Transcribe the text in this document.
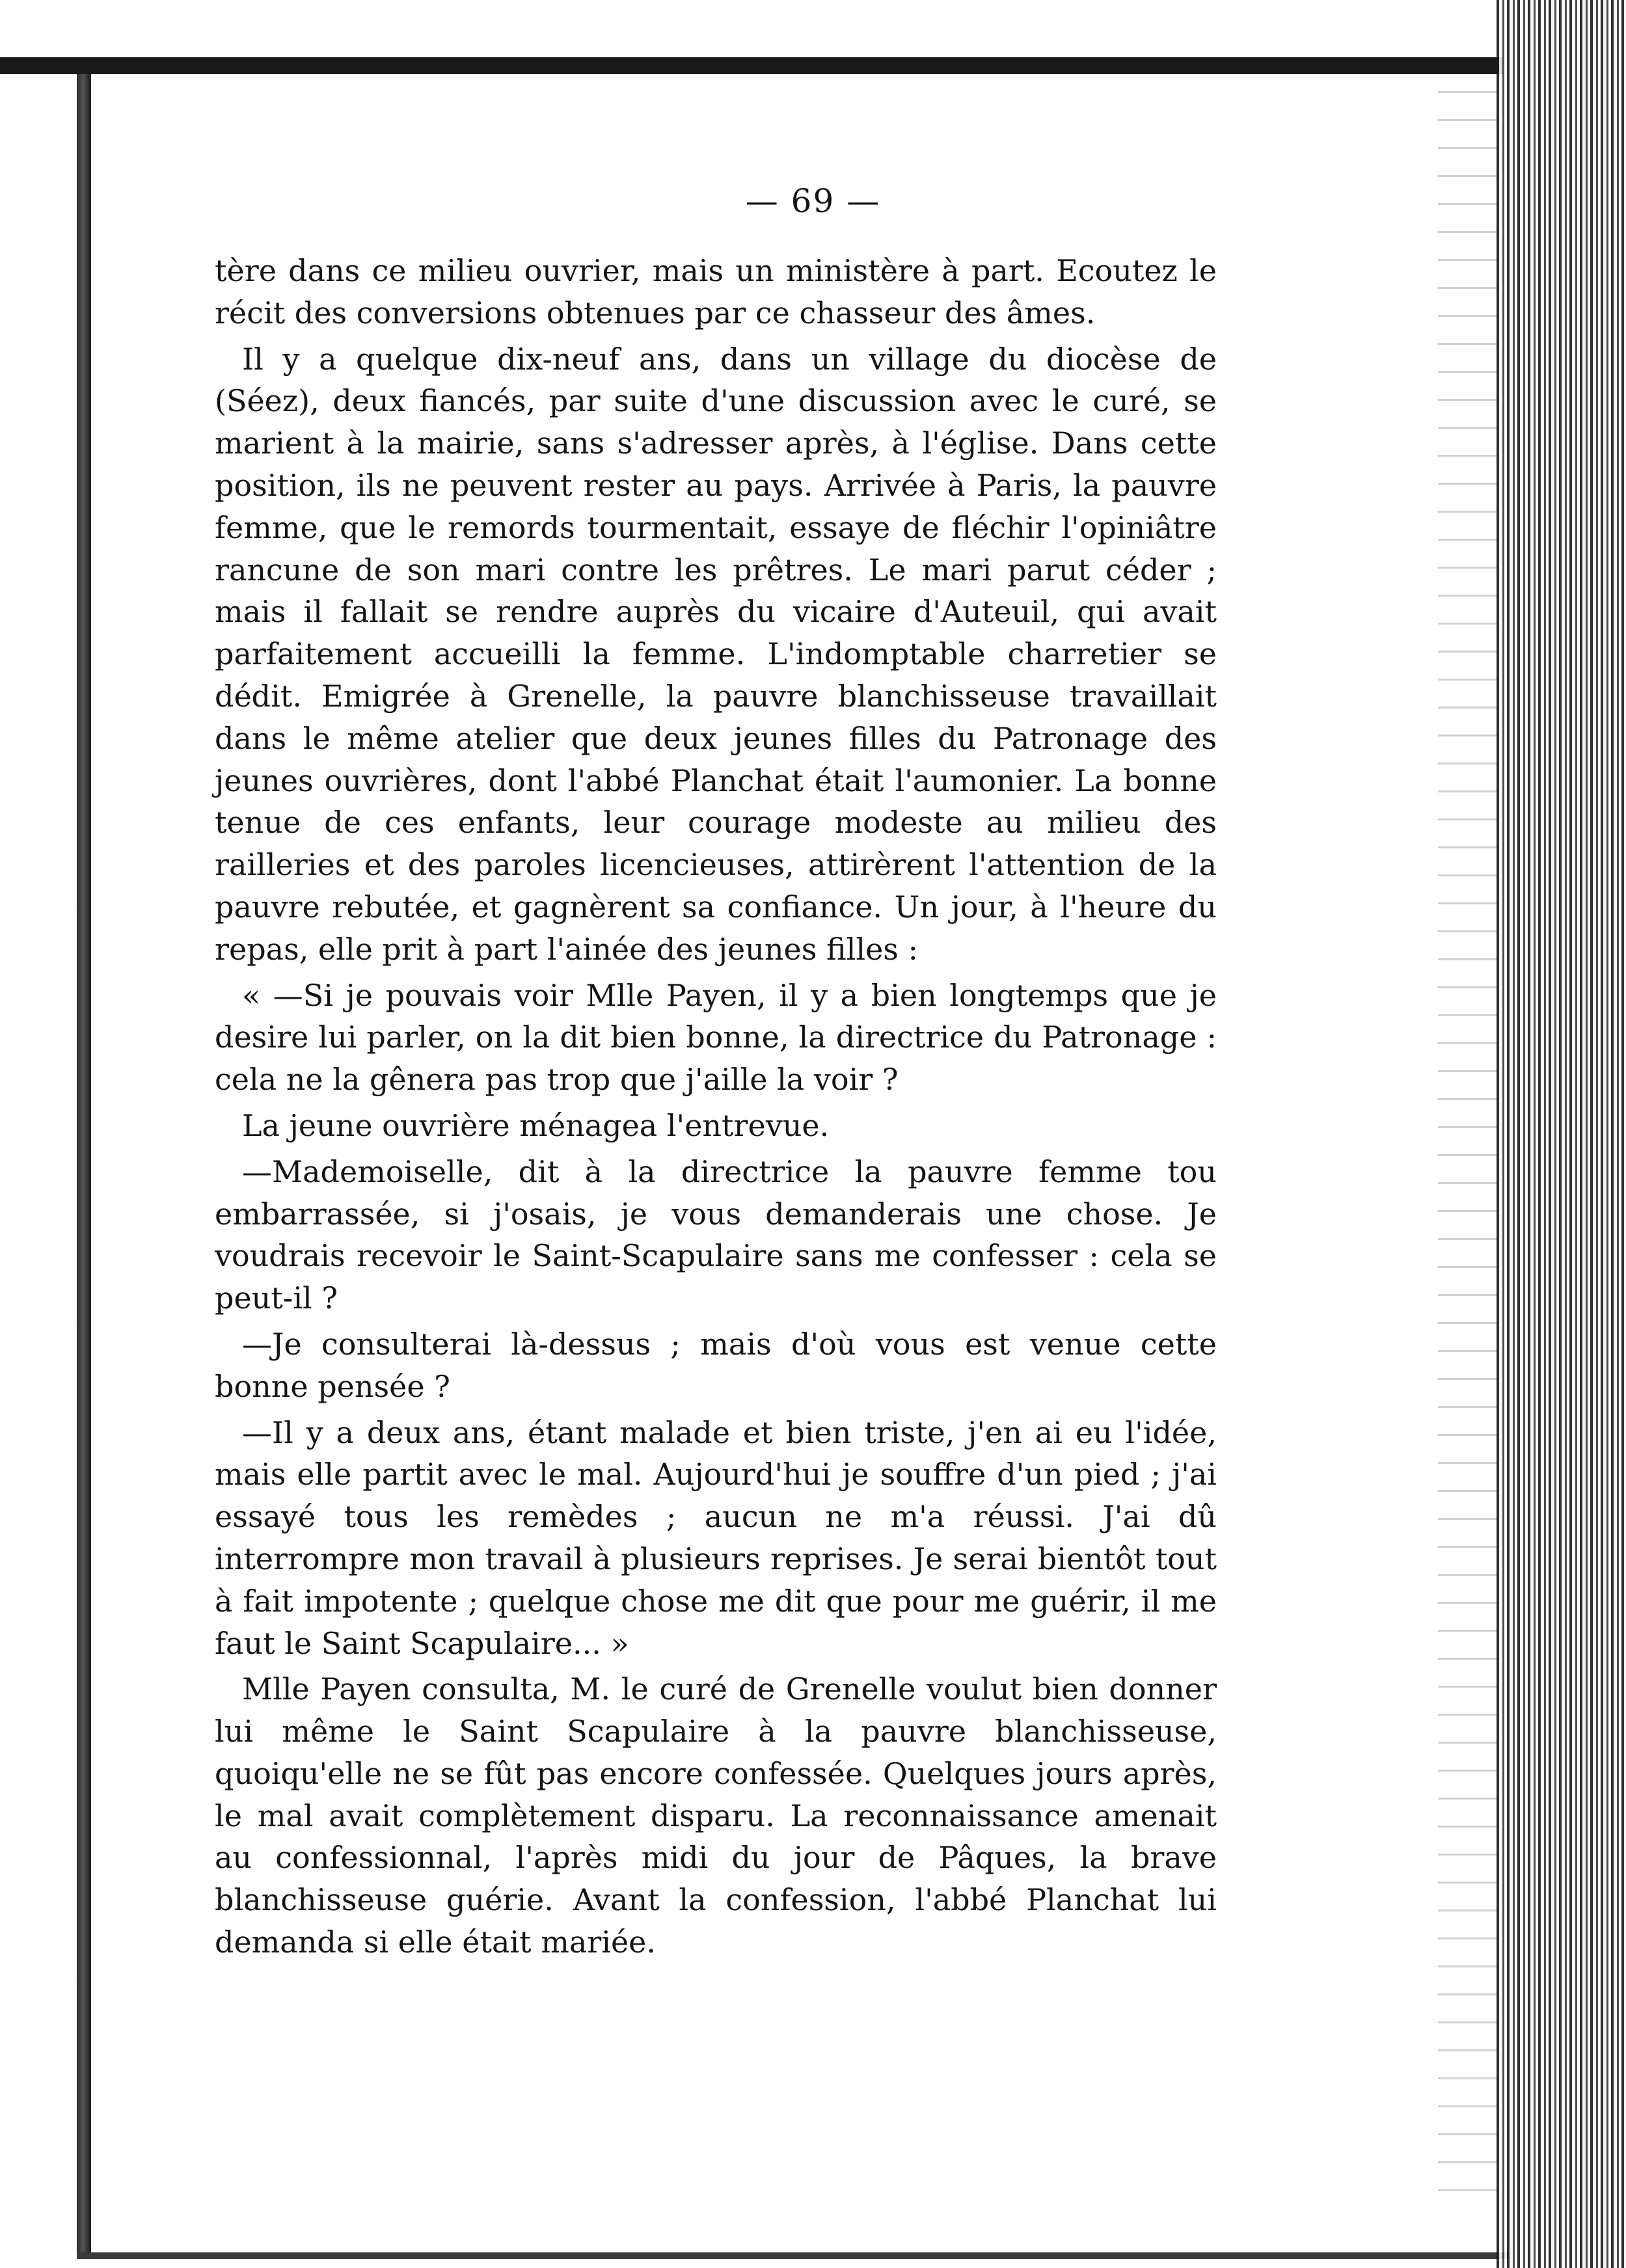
— 69 —

tère dans ce milieu ouvrier, mais un ministère à part. Ecoutez le récit des conversions obtenues par ce chasseur des âmes.

Il y a quelque dix-neuf ans, dans un village du diocèse de (Séez), deux fiancés, par suite d'une discussion avec le curé, se marient à la mairie, sans s'adresser après, à l'église. Dans cette position, ils ne peuvent rester au pays. Arrivée à Paris, la pauvre femme, que le remords tourmentait, essaye de fléchir l'opiniâtre rancune de son mari contre les prêtres. Le mari parut céder ; mais il fallait se rendre auprès du vicaire d'Auteuil, qui avait parfaitement accueilli la femme. L'indomptable charretier se dédit. Emigrée à Grenelle, la pauvre blanchisseuse travaillait dans le même atelier que deux jeunes filles du Patronage des jeunes ouvrières, dont l'abbé Planchat était l'aumonier. La bonne tenue de ces enfants, leur courage modeste au milieu des railleries et des paroles licencieuses, attirèrent l'attention de la pauvre rebutée, et gagnèrent sa confiance. Un jour, à l'heure du repas, elle prit à part l'ainée des jeunes filles :

« —Si je pouvais voir Mlle Payen, il y a bien longtemps que je desire lui parler, on la dit bien bonne, la directrice du Patronage : cela ne la gênera pas trop que j'aille la voir ?

La jeune ouvrière ménagea l'entrevue.

—Mademoiselle, dit à la directrice la pauvre femme tou embarrassée, si j'osais, je vous demanderais une chose. Je voudrais recevoir le Saint-Scapulaire sans me confesser : cela se peut-il ?

—Je consulterai là-dessus ; mais d'où vous est venue cette bonne pensée ?

—Il y a deux ans, étant malade et bien triste, j'en ai eu l'idée, mais elle partit avec le mal. Aujourd'hui je souffre d'un pied ; j'ai essayé tous les remèdes ; aucun ne m'a réussi. J'ai dû interrompre mon travail à plusieurs reprises. Je serai bientôt tout à fait impotente ; quelque chose me dit que pour me guérir, il me faut le Saint Scapulaire... »

Mlle Payen consulta, M. le curé de Grenelle voulut bien donner lui même le Saint Scapulaire à la pauvre blanchisseuse, quoiqu'elle ne se fût pas encore confessée. Quelques jours après, le mal avait complètement disparu. La reconnaissance amenait au confessionnal, l'après midi du jour de Pâques, la brave blanchisseuse guérie. Avant la confession, l'abbé Planchat lui demanda si elle était mariée.
